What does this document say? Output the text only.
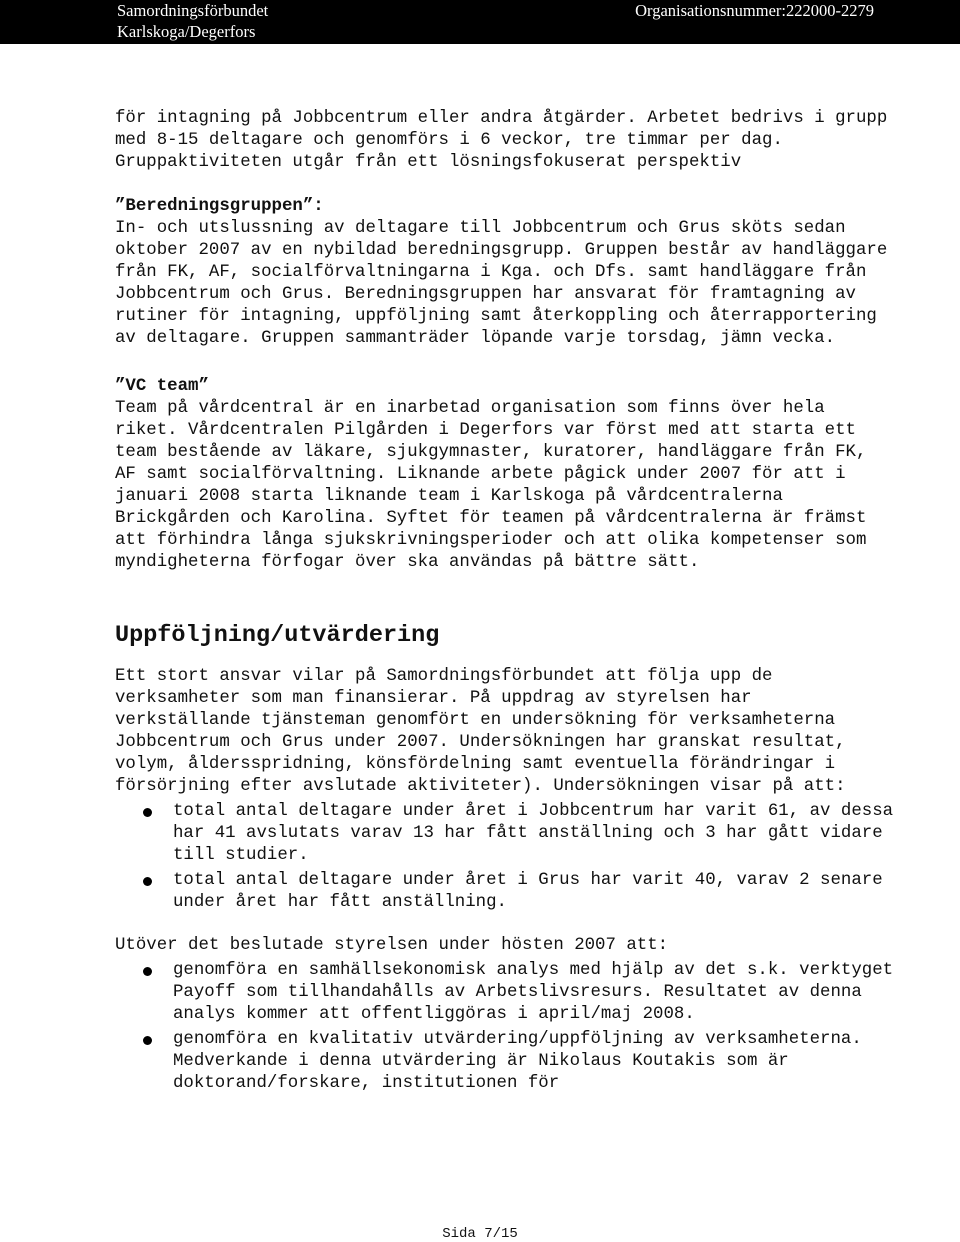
Samordningsförbundet
Karlskoga/Degerfors
Organisationsnummer:222000-2279

för intagning på Jobbcentrum eller andra åtgärder. Arbetet bedrivs i grupp med 8-15 deltagare och genomförs i 6 veckor, tre timmar per dag. Gruppaktiviteten utgår från ett lösningsfokuserat perspektiv

”Beredningsgruppen”:

In- och utslussning av deltagare till Jobbcentrum och Grus sköts sedan oktober 2007 av en nybildad beredningsgrupp. Gruppen består av handläggare från FK, AF, socialförvaltningarna i Kga. och Dfs. samt handläggare från Jobbcentrum och Grus. Beredningsgruppen har ansvarat för framtagning av rutiner för intagning, uppföljning samt återkoppling och återrapportering av deltagare. Gruppen sammanträder löpande varje torsdag, jämn vecka.

”VC team”

Team på vårdcentral är en inarbetad organisation som finns över hela riket. Vårdcentralen Pilgården i Degerfors var först med att starta ett team bestående av läkare, sjukgymnaster, kuratorer, handläggare från FK, AF samt socialförvaltning. Liknande arbete pågick under 2007 för att i januari 2008 starta liknande team i Karlskoga på vårdcentralerna Brickgården och Karolina. Syftet för teamen på vårdcentralerna är främst att förhindra långa sjukskrivningsperioder och att olika kompetenser som myndigheterna förfogar över ska användas på bättre sätt.

Uppföljning/utvärdering

Ett stort ansvar vilar på Samordningsförbundet att följa upp de verksamheter som man finansierar. På uppdrag av styrelsen har verkställande tjänsteman genomfört en undersökning för verksamheterna Jobbcentrum och Grus under 2007. Undersökningen har granskat resultat, volym, åldersspridning, könsfördelning samt eventuella förändringar i försörjning efter avslutade aktiviteter). Undersökningen visar på att:

total antal deltagare under året i Jobbcentrum har varit 61, av dessa har 41 avslutats varav 13 har fått anställning och 3 har gått vidare till studier.
total antal deltagare under året i Grus har varit 40, varav 2 senare under året har fått anställning.

Utöver det beslutade styrelsen under hösten 2007 att:

genomföra en samhällsekonomisk analys med hjälp av det s.k. verktyget Payoff som tillhandahålls av Arbetslivsresurs. Resultatet av denna analys kommer att offentliggöras i april/maj 2008.
genomföra en kvalitativ utvärdering/uppföljning av verksamheterna. Medverkande i denna utvärdering är Nikolaus Koutakis som är doktorand/forskare, institutionen för
Sida 7/15
